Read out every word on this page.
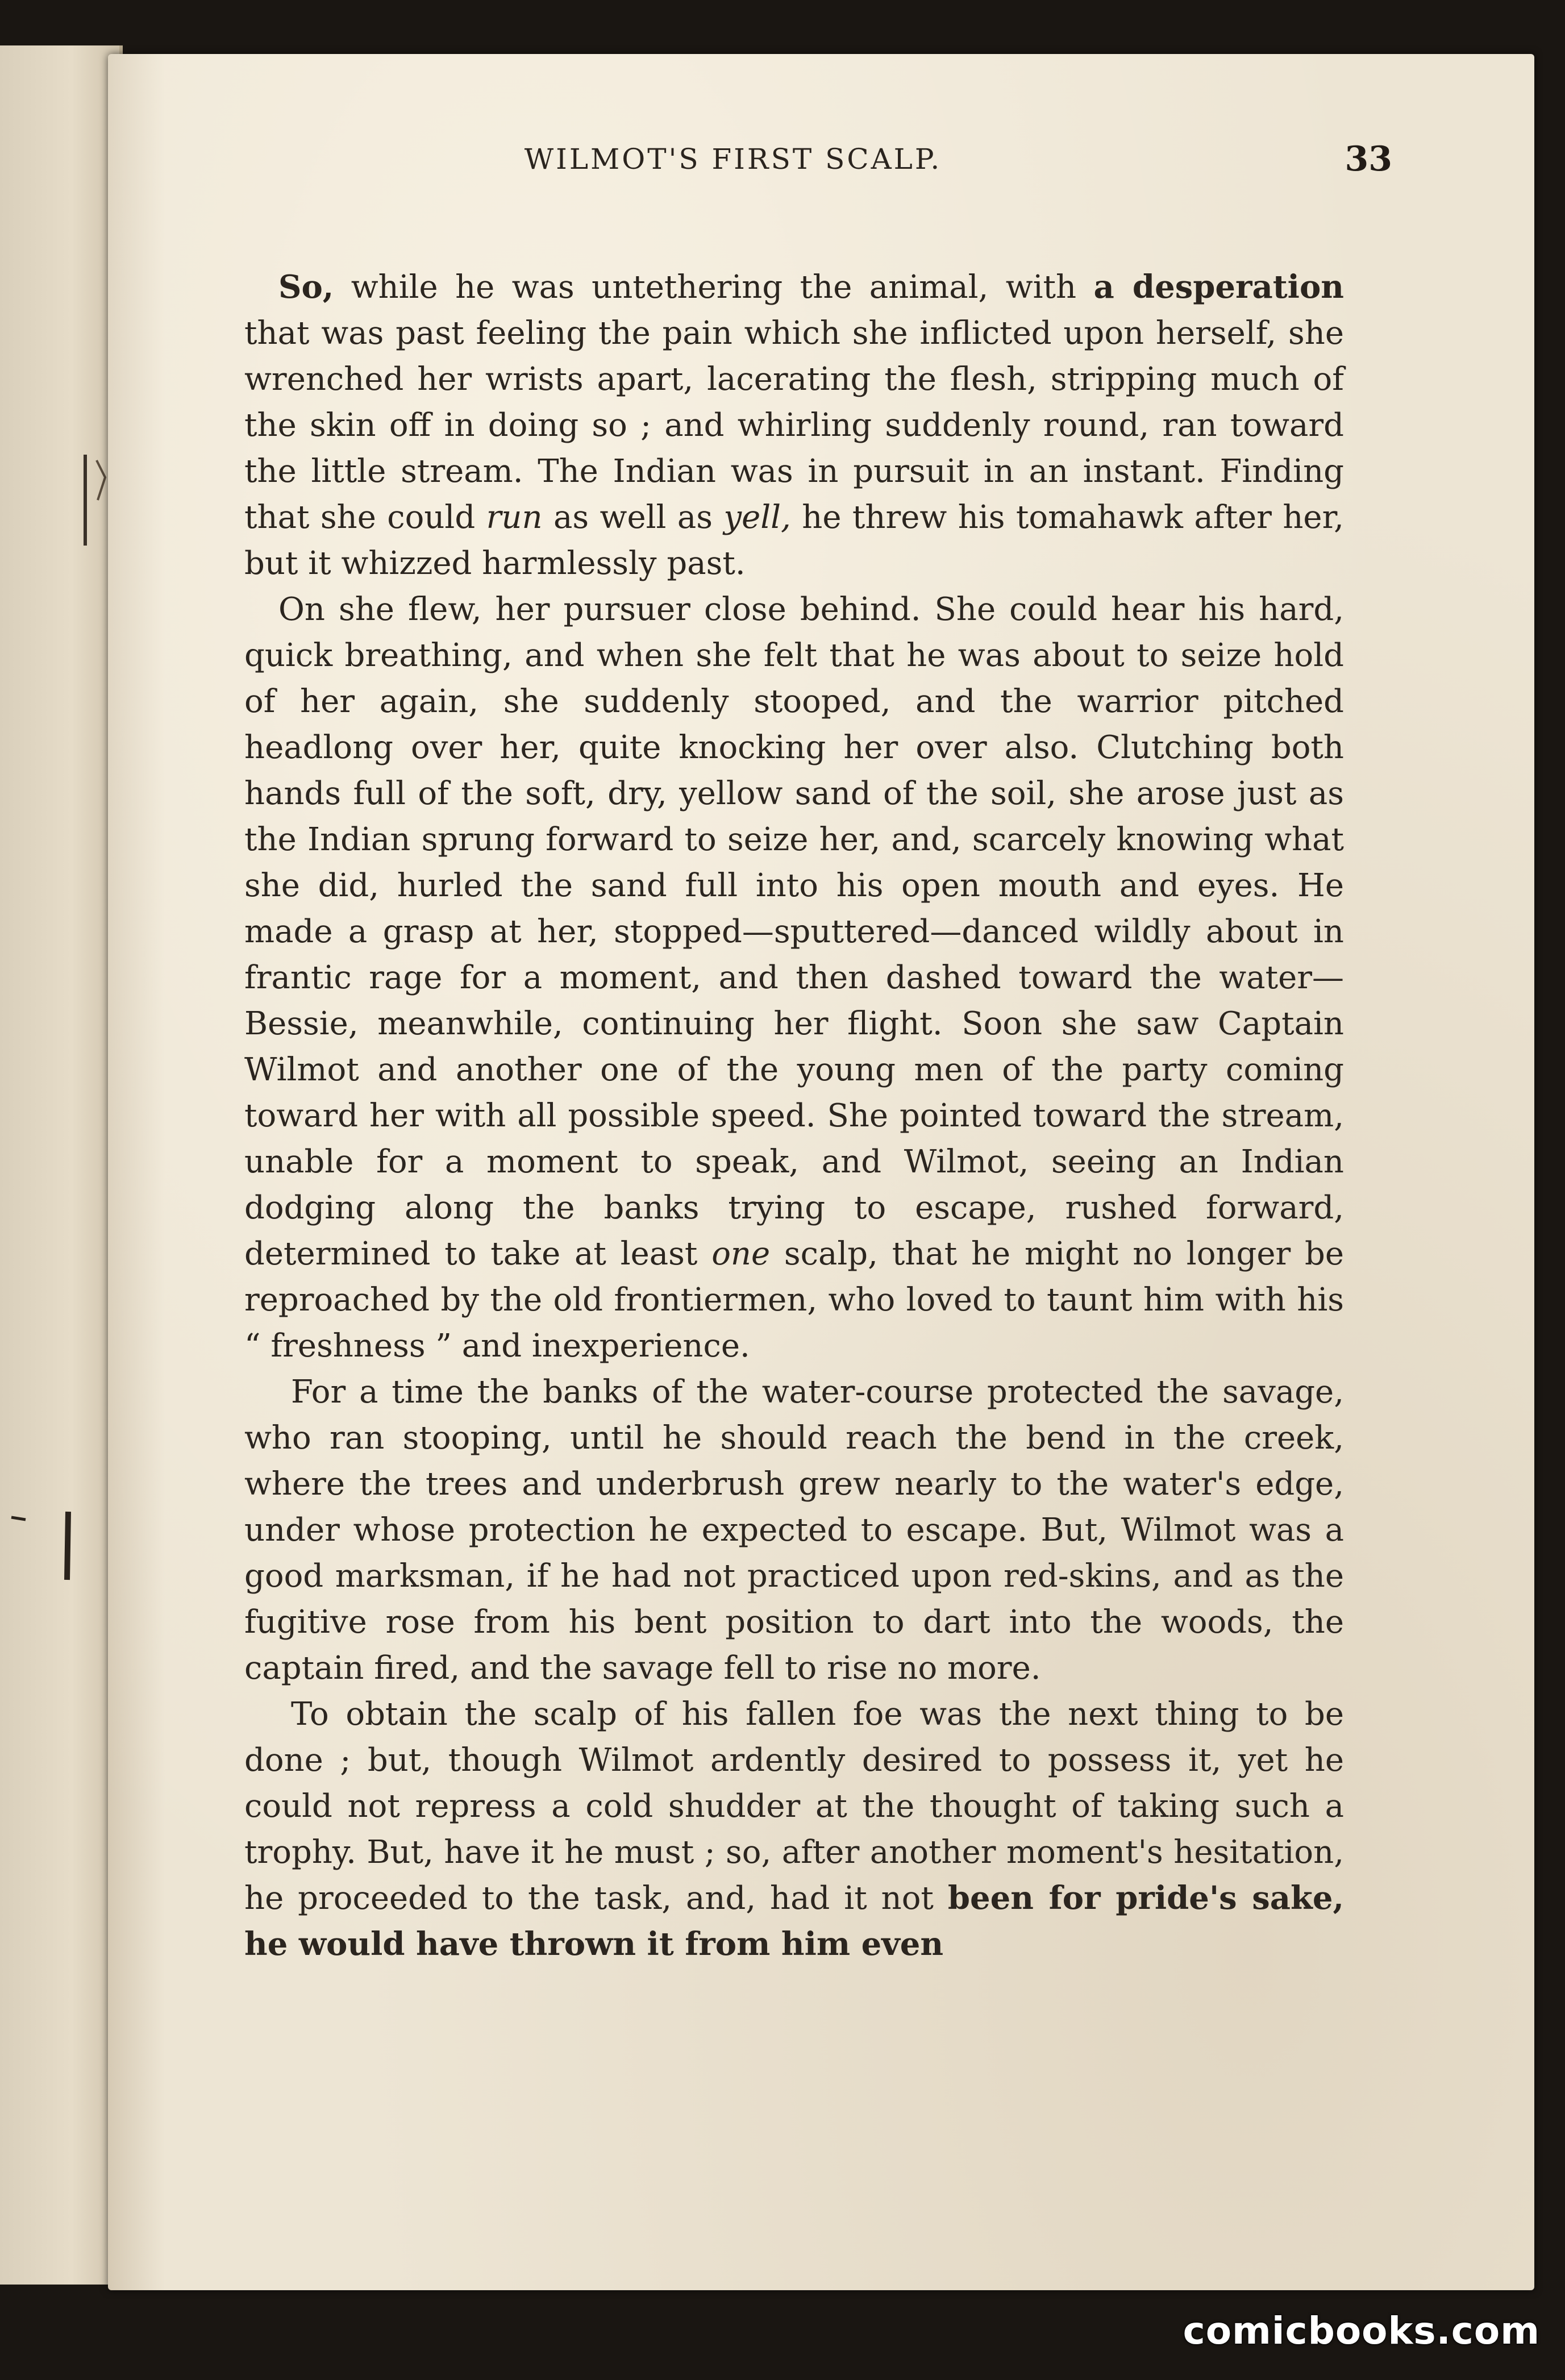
WILMOT'S FIRST SCALP.	33

So, while he was untethering the animal, with a desperation that was past feeling the pain which she inflicted upon herself, she wrenched her wrists apart, lacerating the flesh, stripping much of the skin off in doing so ; and whirling suddenly round, ran toward the little stream. The Indian was in pursuit in an instant. Finding that she could run as well as yell, he threw his tomahawk after her, but it whizzed harmlessly past.

On she flew, her pursuer close behind. She could hear his hard, quick breathing, and when she felt that he was about to seize hold of her again, she suddenly stooped, and the warrior pitched headlong over her, quite knocking her over also. Clutching both hands full of the soft, dry, yellow sand of the soil, she arose just as the Indian sprung forward to seize her, and, scarcely knowing what she did, hurled the sand full into his open mouth and eyes. He made a grasp at her, stopped—sputtered—danced wildly about in frantic rage for a moment, and then dashed toward the water—Bessie, meanwhile, continuing her flight. Soon she saw Captain Wilmot and another one of the young men of the party coming toward her with all possible speed. She pointed toward the stream, unable for a moment to speak, and Wilmot, seeing an Indian dodging along the banks trying to escape, rushed forward, determined to take at least one scalp, that he might no longer be reproached by the old frontiermen, who loved to taunt him with his “ freshness ” and inexperience.

For a time the banks of the water-course protected the savage, who ran stooping, until he should reach the bend in the creek, where the trees and underbrush grew nearly to the water's edge, under whose protection he expected to escape. But, Wilmot was a good marksman, if he had not practiced upon red-skins, and as the fugitive rose from his bent position to dart into the woods, the captain fired, and the savage fell to rise no more.

To obtain the scalp of his fallen foe was the next thing to be done ; but, though Wilmot ardently desired to possess it, yet he could not repress a cold shudder at the thought of taking such a trophy. But, have it he must ; so, after another moment's hesitation, he proceeded to the task, and, had it not been for pride's sake, he would have thrown it from him even

comicbooks.com
